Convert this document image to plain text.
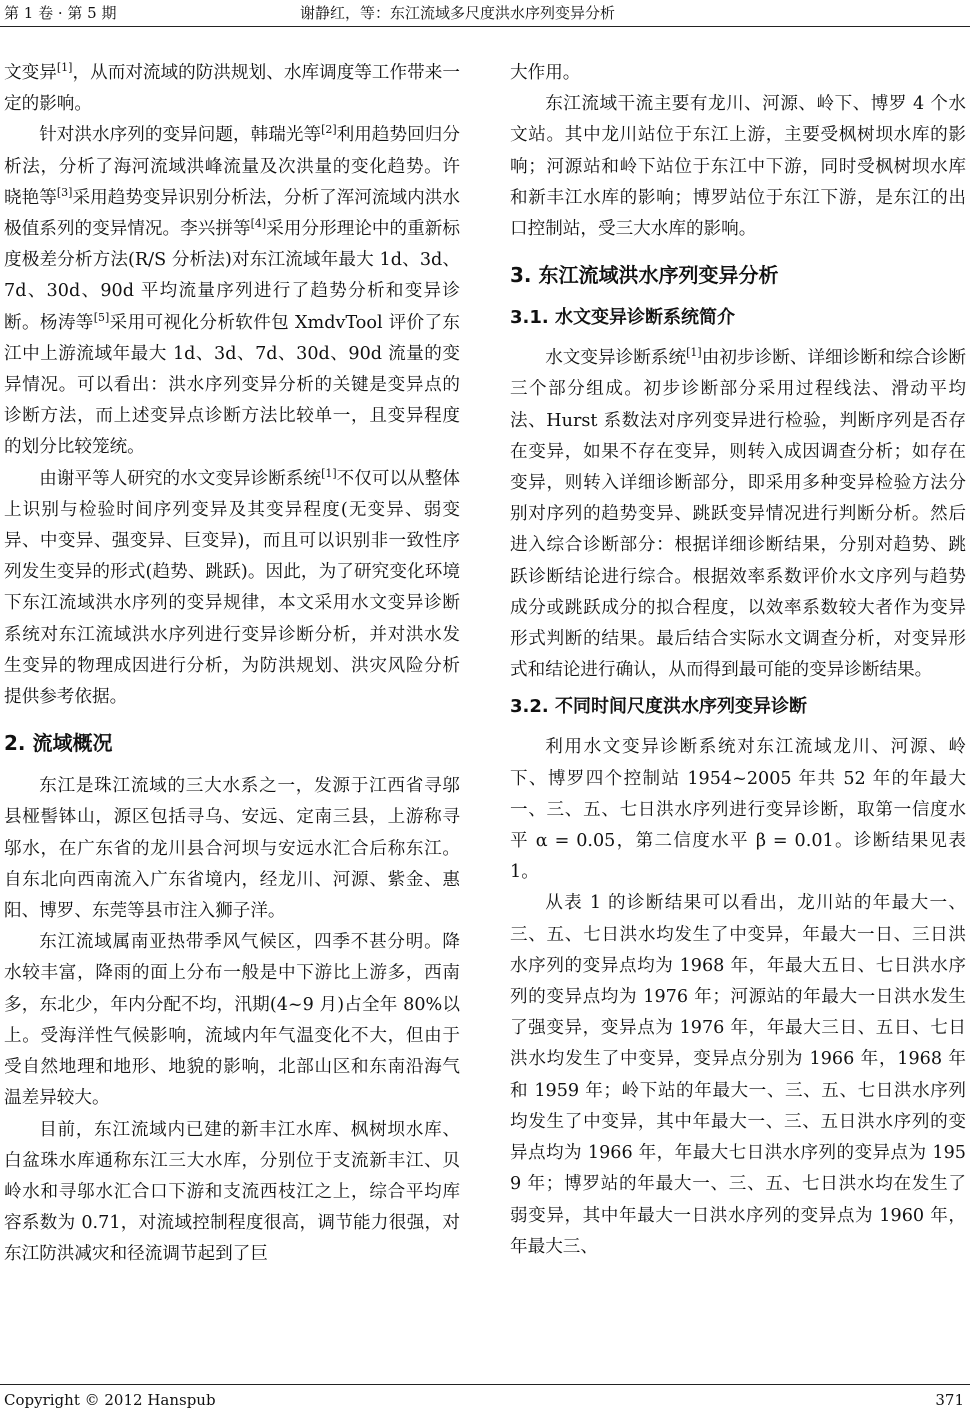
第 1 卷 · 第 5 期	谢静红，等：东江流域多尺度洪水序列变异分析

文变异[1]，从而对流域的防洪规划、水库调度等工作带来一定的影响。

针对洪水序列的变异问题，韩瑞光等[2]利用趋势回归分析法，分析了海河流域洪峰流量及次洪量的变化趋势。许晓艳等[3]采用趋势变异识别分析法，分析了浑河流域内洪水极值系列的变异情况。李兴拼等[4]采用分形理论中的重新标度极差分析方法(R/S 分析法)对东江流域年最大 1d、3d、7d、30d、90d 平均流量序列进行了趋势分析和变异诊断。杨涛等[5]采用可视化分析软件包 XmdvTool 评价了东江中上游流域年最大 1d、3d、7d、30d、90d 流量的变异情况。可以看出：洪水序列变异分析的关键是变异点的诊断方法，而上述变异点诊断方法比较单一，且变异程度的划分比较笼统。

由谢平等人研究的水文变异诊断系统[1]不仅可以从整体上识别与检验时间序列变异及其变异程度(无变异、弱变异、中变异、强变异、巨变异)，而且可以识别非一致性序列发生变异的形式(趋势、跳跃)。因此，为了研究变化环境下东江流域洪水序列的变异规律，本文采用水文变异诊断系统对东江流域洪水序列进行变异诊断分析，并对洪水发生变异的物理成因进行分析，为防洪规划、洪灾风险分析提供参考依据。

2. 流域概况

东江是珠江流域的三大水系之一，发源于江西省寻邬县桠髻钵山，源区包括寻乌、安远、定南三县，上游称寻邬水，在广东省的龙川县合河坝与安远水汇合后称东江。自东北向西南流入广东省境内，经龙川、河源、紫金、惠阳、博罗、东莞等县市注入狮子洋。

东江流域属南亚热带季风气候区，四季不甚分明。降水较丰富，降雨的面上分布一般是中下游比上游多，西南多，东北少，年内分配不均，汛期(4~9 月)占全年 80%以上。受海洋性气候影响，流域内年气温变化不大，但由于受自然地理和地形、地貌的影响，北部山区和东南沿海气温差异较大。

目前，东江流域内已建的新丰江水库、枫树坝水库、白盆珠水库通称东江三大水库，分别位于支流新丰江、贝岭水和寻邬水汇合口下游和支流西枝江之上，综合平均库容系数为 0.71，对流域控制程度很高，调节能力很强，对东江防洪减灾和径流调节起到了巨

大作用。

东江流域干流主要有龙川、河源、岭下、博罗 4 个水文站。其中龙川站位于东江上游，主要受枫树坝水库的影响；河源站和岭下站位于东江中下游，同时受枫树坝水库和新丰江水库的影响；博罗站位于东江下游，是东江的出口控制站，受三大水库的影响。

3. 东江流域洪水序列变异分析
3.1. 水文变异诊断系统简介

水文变异诊断系统[1]由初步诊断、详细诊断和综合诊断三个部分组成。初步诊断部分采用过程线法、滑动平均法、Hurst 系数法对序列变异进行检验，判断序列是否存在变异，如果不存在变异，则转入成因调查分析；如存在变异，则转入详细诊断部分，即采用多种变异检验方法分别对序列的趋势变异、跳跃变异情况进行判断分析。然后进入综合诊断部分：根据详细诊断结果，分别对趋势、跳跃诊断结论进行综合。根据效率系数评价水文序列与趋势成分或跳跃成分的拟合程度，以效率系数较大者作为变异形式判断的结果。最后结合实际水文调查分析，对变异形式和结论进行确认，从而得到最可能的变异诊断结果。

3.2. 不同时间尺度洪水序列变异诊断

利用水文变异诊断系统对东江流域龙川、河源、岭下、博罗四个控制站 1954~2005 年共 52 年的年最大一、三、五、七日洪水序列进行变异诊断，取第一信度水平 α = 0.05，第二信度水平 β = 0.01。诊断结果见表 1。

从表 1 的诊断结果可以看出，龙川站的年最大一、三、五、七日洪水均发生了中变异，年最大一日、三日洪水序列的变异点均为 1968 年，年最大五日、七日洪水序列的变异点均为 1976 年；河源站的年最大一日洪水发生了强变异，变异点为 1976 年，年最大三日、五日、七日洪水均发生了中变异，变异点分别为 1966 年，1968 年和 1959 年；岭下站的年最大一、三、五、七日洪水序列均发生了中变异，其中年最大一、三、五日洪水序列的变异点均为 1966 年，年最大七日洪水序列的变异点为 1959 年；博罗站的年最大一、三、五、七日洪水均在发生了弱变异，其中年最大一日洪水序列的变异点为 1960 年，年最大三、

Copyright © 2012 Hanspub	371
